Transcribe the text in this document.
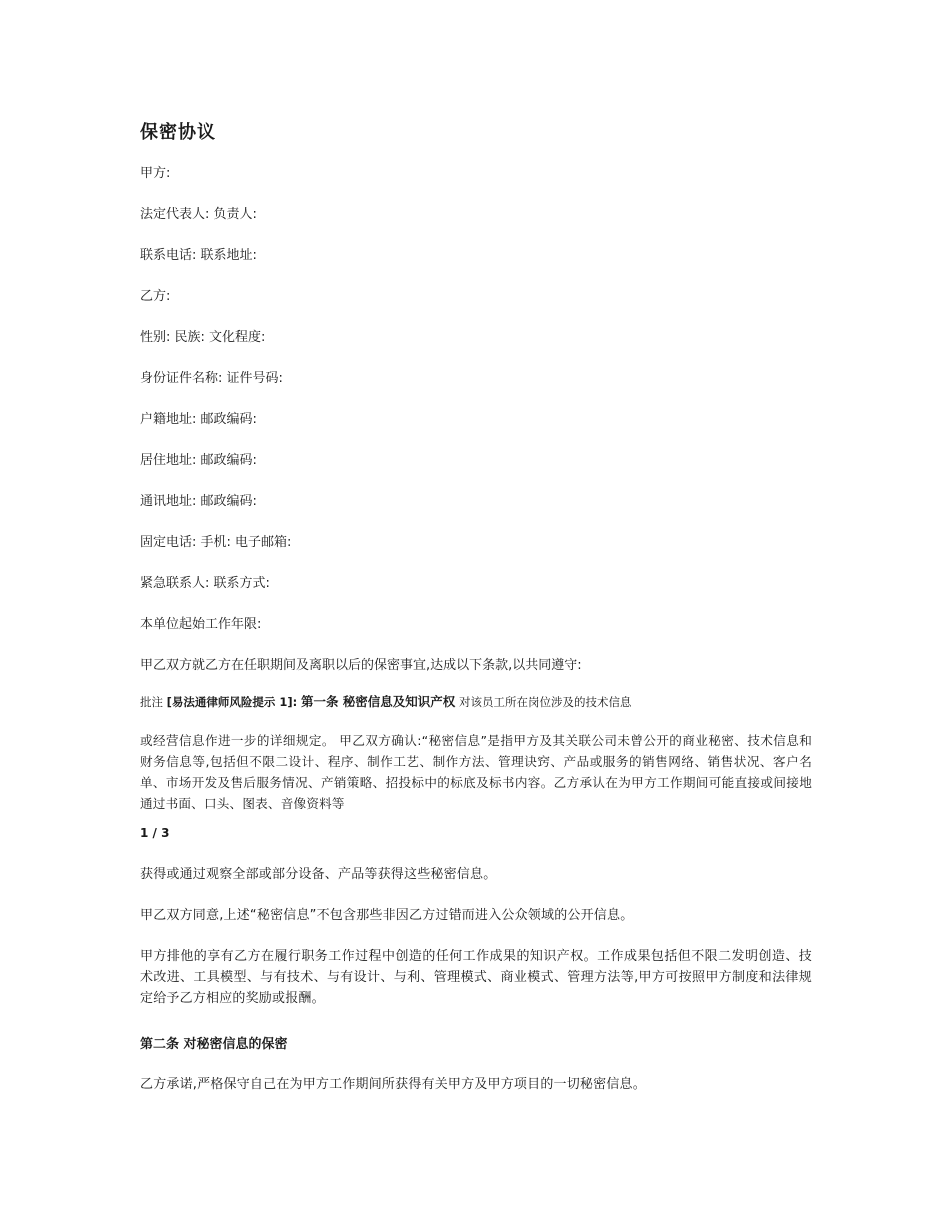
保密协议
甲方:
法定代表人: 负责人:
联系电话: 联系地址:
乙方:
性别: 民族: 文化程度:
身份证件名称: 证件号码:
户籍地址: 邮政编码:
居住地址: 邮政编码:
通讯地址: 邮政编码:
固定电话: 手机: 电子邮箱:
紧急联系人: 联系方式:
本单位起始工作年限:
甲乙双方就乙方在任职期间及离职以后的保密事宜,达成以下条款,以共同遵守:
批注 [易法通律师风险提示 1]: 第一条 秘密信息及知识产权 对该员工所在岗位涉及的技术信息
或经营信息作进一步的详细规定。 甲乙双方确认:“秘密信息”是指甲方及其关联公司未曾公开的商业秘密、技术信息和财务信息等,包括但不限二设计、程序、制作工艺、制作方法、管理诀窍、产品或服务的销售网络、销售状况、客户名单、市场开发及售后服务情况、产销策略、招投标中的标底及标书内容。乙方承认在为甲方工作期间可能直接或间接地通过书面、口头、图表、音像资料等
1 / 3
获得或通过观察全部或部分设备、产品等获得这些秘密信息。
甲乙双方同意,上述“秘密信息”不包含那些非因乙方过错而进入公众领域的公开信息。
甲方排他的享有乙方在履行职务工作过程中创造的任何工作成果的知识产权。工作成果包括但不限二发明创造、技术改进、工具模型、与有技术、与有设计、与利、管理模式、商业模式、管理方法等,甲方可按照甲方制度和法律规定给予乙方相应的奖励或报酬。
第二条 对秘密信息的保密
乙方承诺,严格保守自己在为甲方工作期间所获得有关甲方及甲方项目的一切秘密信息。
